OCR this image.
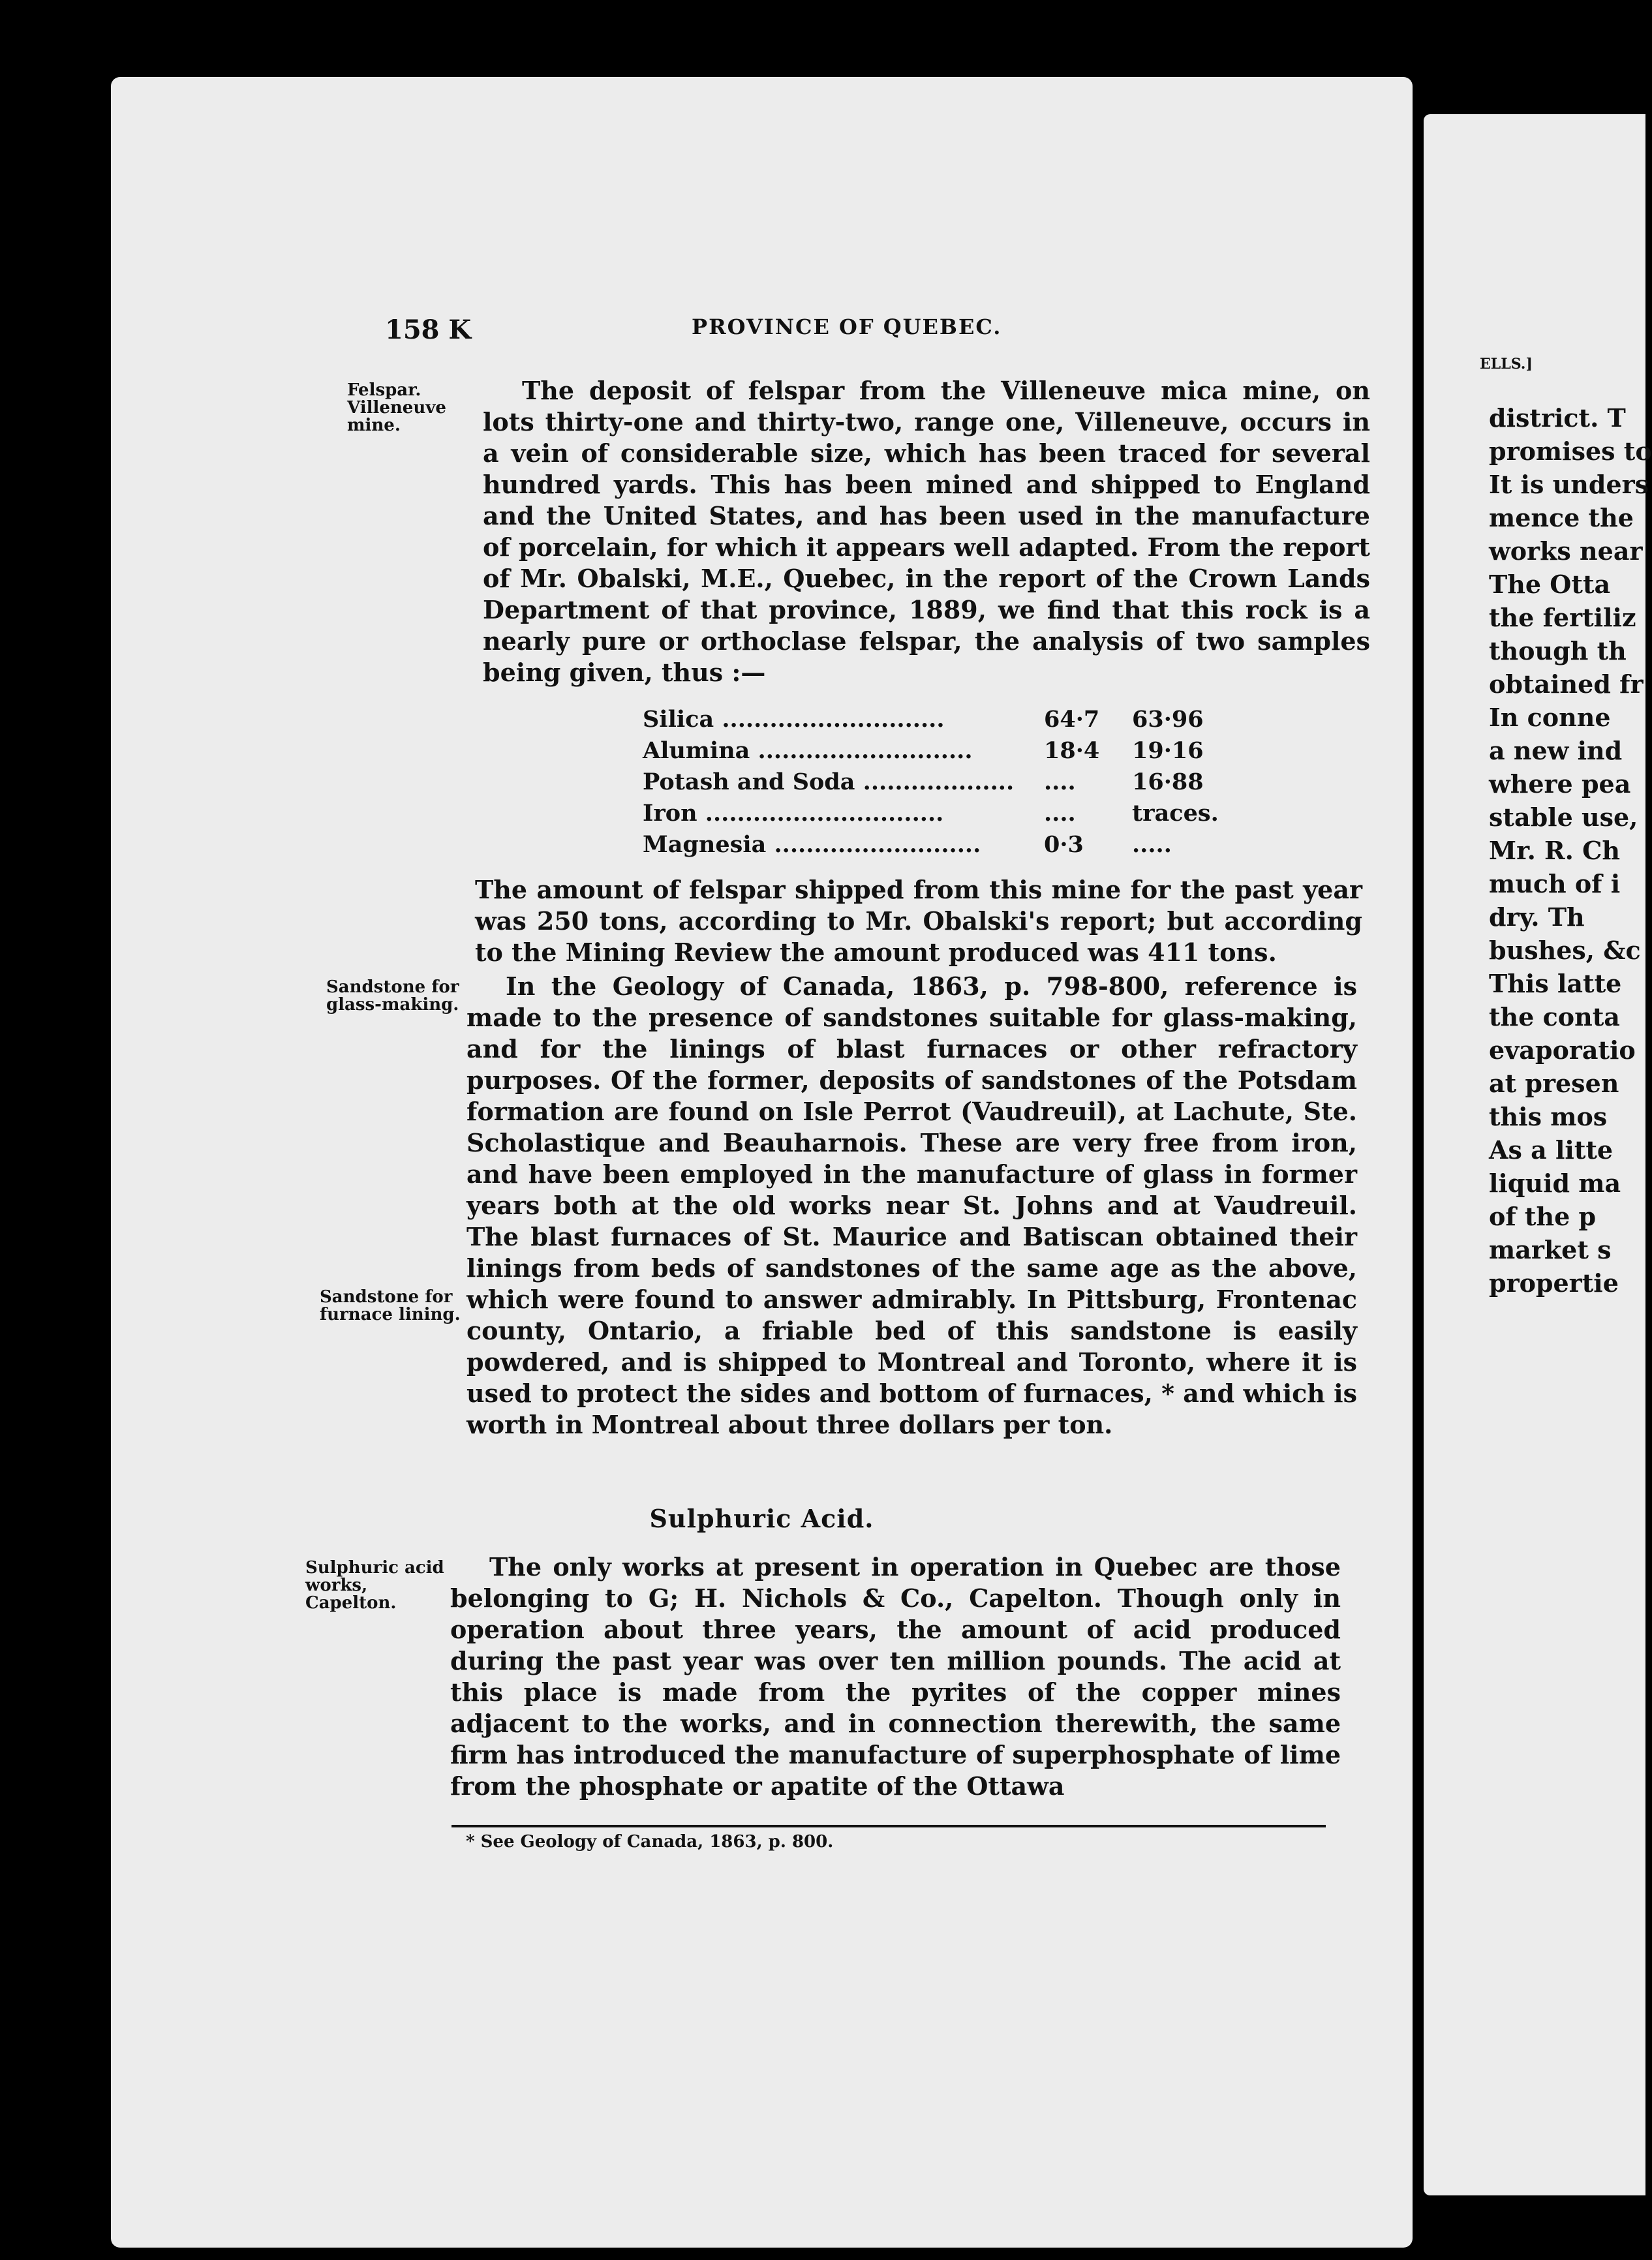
158 K	PROVINCE OF QUEBEC.
Felspar.
Villeneuve
mine.
Sandstone for
glass-making.
Sandstone for
furnace lining.
Sulphuric acid
works,
Capelton.

The deposit of felspar from the Villeneuve mica mine, on lots thirty-one and thirty-two, range one, Villeneuve, occurs in a vein of considerable size, which has been traced for several hundred yards. This has been mined and shipped to England and the United States, and has been used in the manufacture of porcelain, for which it appears well adapted. From the report of Mr. Obalski, M.E., Quebec, in the report of the Crown Lands Department of that province, 1889, we find that this rock is a nearly pure or orthoclase felspar, the analysis of two samples being given, thus :—

Silica ............................	64·7	63·96
Alumina ...........................	18·4	19·16
Potash and Soda ...................	....	16·88
Iron ..............................	....	traces.
Magnesia ..........................	0·3	.....

The amount of felspar shipped from this mine for the past year was 250 tons, according to Mr. Obalski's report; but according to the Mining Review the amount produced was 411 tons.

In the Geology of Canada, 1863, p. 798-800, reference is made to the presence of sandstones suitable for glass-making, and for the linings of blast furnaces or other refractory purposes. Of the former, deposits of sandstones of the Potsdam formation are found on Isle Perrot (Vaudreuil), at Lachute, Ste. Scholastique and Beauharnois. These are very free from iron, and have been employed in the manufacture of glass in former years both at the old works near St. Johns and at Vaudreuil. The blast furnaces of St. Maurice and Batiscan obtained their linings from beds of sandstones of the same age as the above, which were found to answer admirably. In Pittsburg, Frontenac county, Ontario, a friable bed of this sandstone is easily powdered, and is shipped to Montreal and Toronto, where it is used to protect the sides and bottom of furnaces, * and which is worth in Montreal about three dollars per ton.

Sulphuric Acid.

The only works at present in operation in Quebec are those belonging to G; H. Nichols & Co., Capelton. Though only in operation about three years, the amount of acid produced during the past year was over ten million pounds. The acid at this place is made from the pyrites of the copper mines adjacent to the works, and in connection therewith, the same firm has introduced the manufacture of superphosphate of lime from the phosphate or apatite of the Ottawa

* See Geology of Canada, 1863, p. 800.
ELLS.]
district. T
promises to
It is unders
mence the
works near
The Otta
the fertiliz
though th
obtained fr
In conne
a new ind
where pea
stable use,
Mr. R. Ch
much of i
dry. Th
bushes, &c
This latte
the conta
evaporatio
at presen
this mos
As a litte
liquid ma
of the p
market s
propertie
